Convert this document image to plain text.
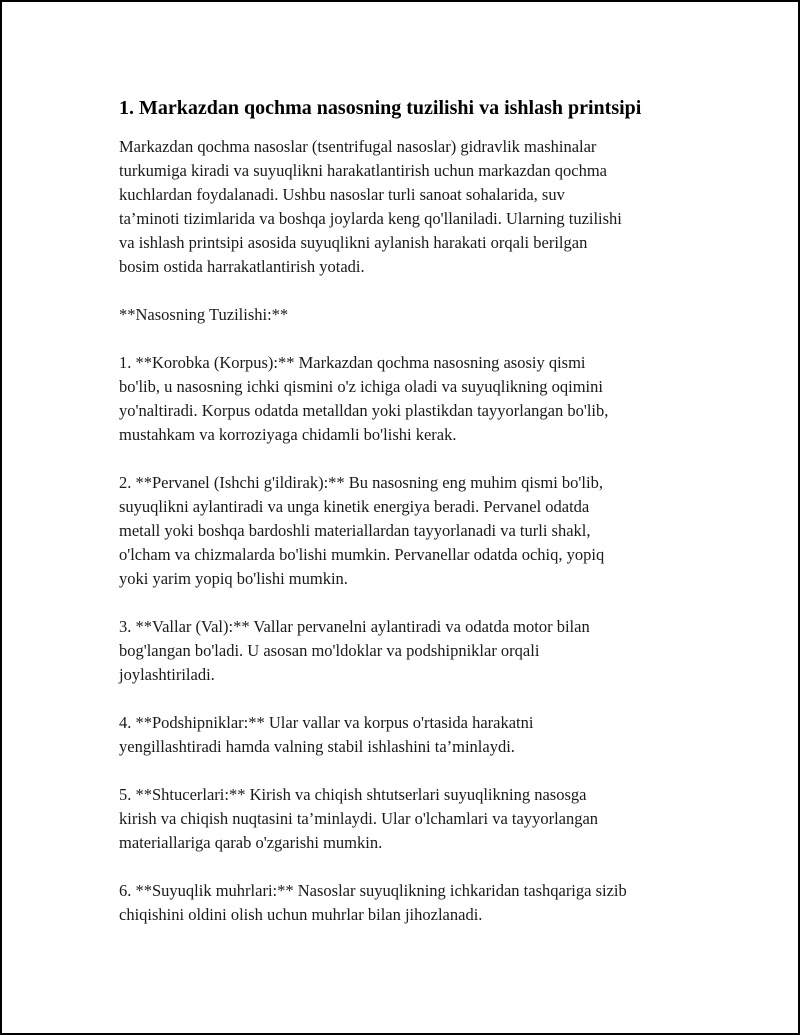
1. Markazdan qochma nasosning tuzilishi va ishlash printsipi

Markazdan qochma nasoslar (tsentrifugal nasoslar) gidravlik mashinalar
turkumiga kiradi va suyuqlikni harakatlantirish uchun markazdan qochma
kuchlardan foydalanadi. Ushbu nasoslar turli sanoat sohalarida, suv
ta’minoti tizimlarida va boshqa joylarda keng qo'llaniladi. Ularning tuzilishi
va ishlash printsipi asosida suyuqlikni aylanish harakati orqali berilgan
bosim ostida harrakatlantirish yotadi.

**Nasosning Tuzilishi:**

1. **Korobka (Korpus):** Markazdan qochma nasosning asosiy qismi
bo'lib, u nasosning ichki qismini o'z ichiga oladi va suyuqlikning oqimini
yo'naltiradi. Korpus odatda metalldan yoki plastikdan tayyorlangan bo'lib,
mustahkam va korroziyaga chidamli bo'lishi kerak.

2. **Pervanel (Ishchi g'ildirak):** Bu nasosning eng muhim qismi bo'lib,
suyuqlikni aylantiradi va unga kinetik energiya beradi. Pervanel odatda
metall yoki boshqa bardoshli materiallardan tayyorlanadi va turli shakl,
o'lcham va chizmalarda bo'lishi mumkin. Pervanellar odatda ochiq, yopiq
yoki yarim yopiq bo'lishi mumkin.

3. **Vallar (Val):** Vallar pervanelni aylantiradi va odatda motor bilan
bog'langan bo'ladi. U asosan mo'ldoklar va podshipniklar orqali
joylashtiriladi.

4. **Podshipniklar:** Ular vallar va korpus o'rtasida harakatni
yengillashtiradi hamda valning stabil ishlashini ta’minlaydi.

5. **Shtucerlari:** Kirish va chiqish shtutserlari suyuqlikning nasosga
kirish va chiqish nuqtasini ta’minlaydi. Ular o'lchamlari va tayyorlangan
materiallariga qarab o'zgarishi mumkin.

6. **Suyuqlik muhrlari:** Nasoslar suyuqlikning ichkaridan tashqariga sizib
chiqishini oldini olish uchun muhrlar bilan jihozlanadi.
